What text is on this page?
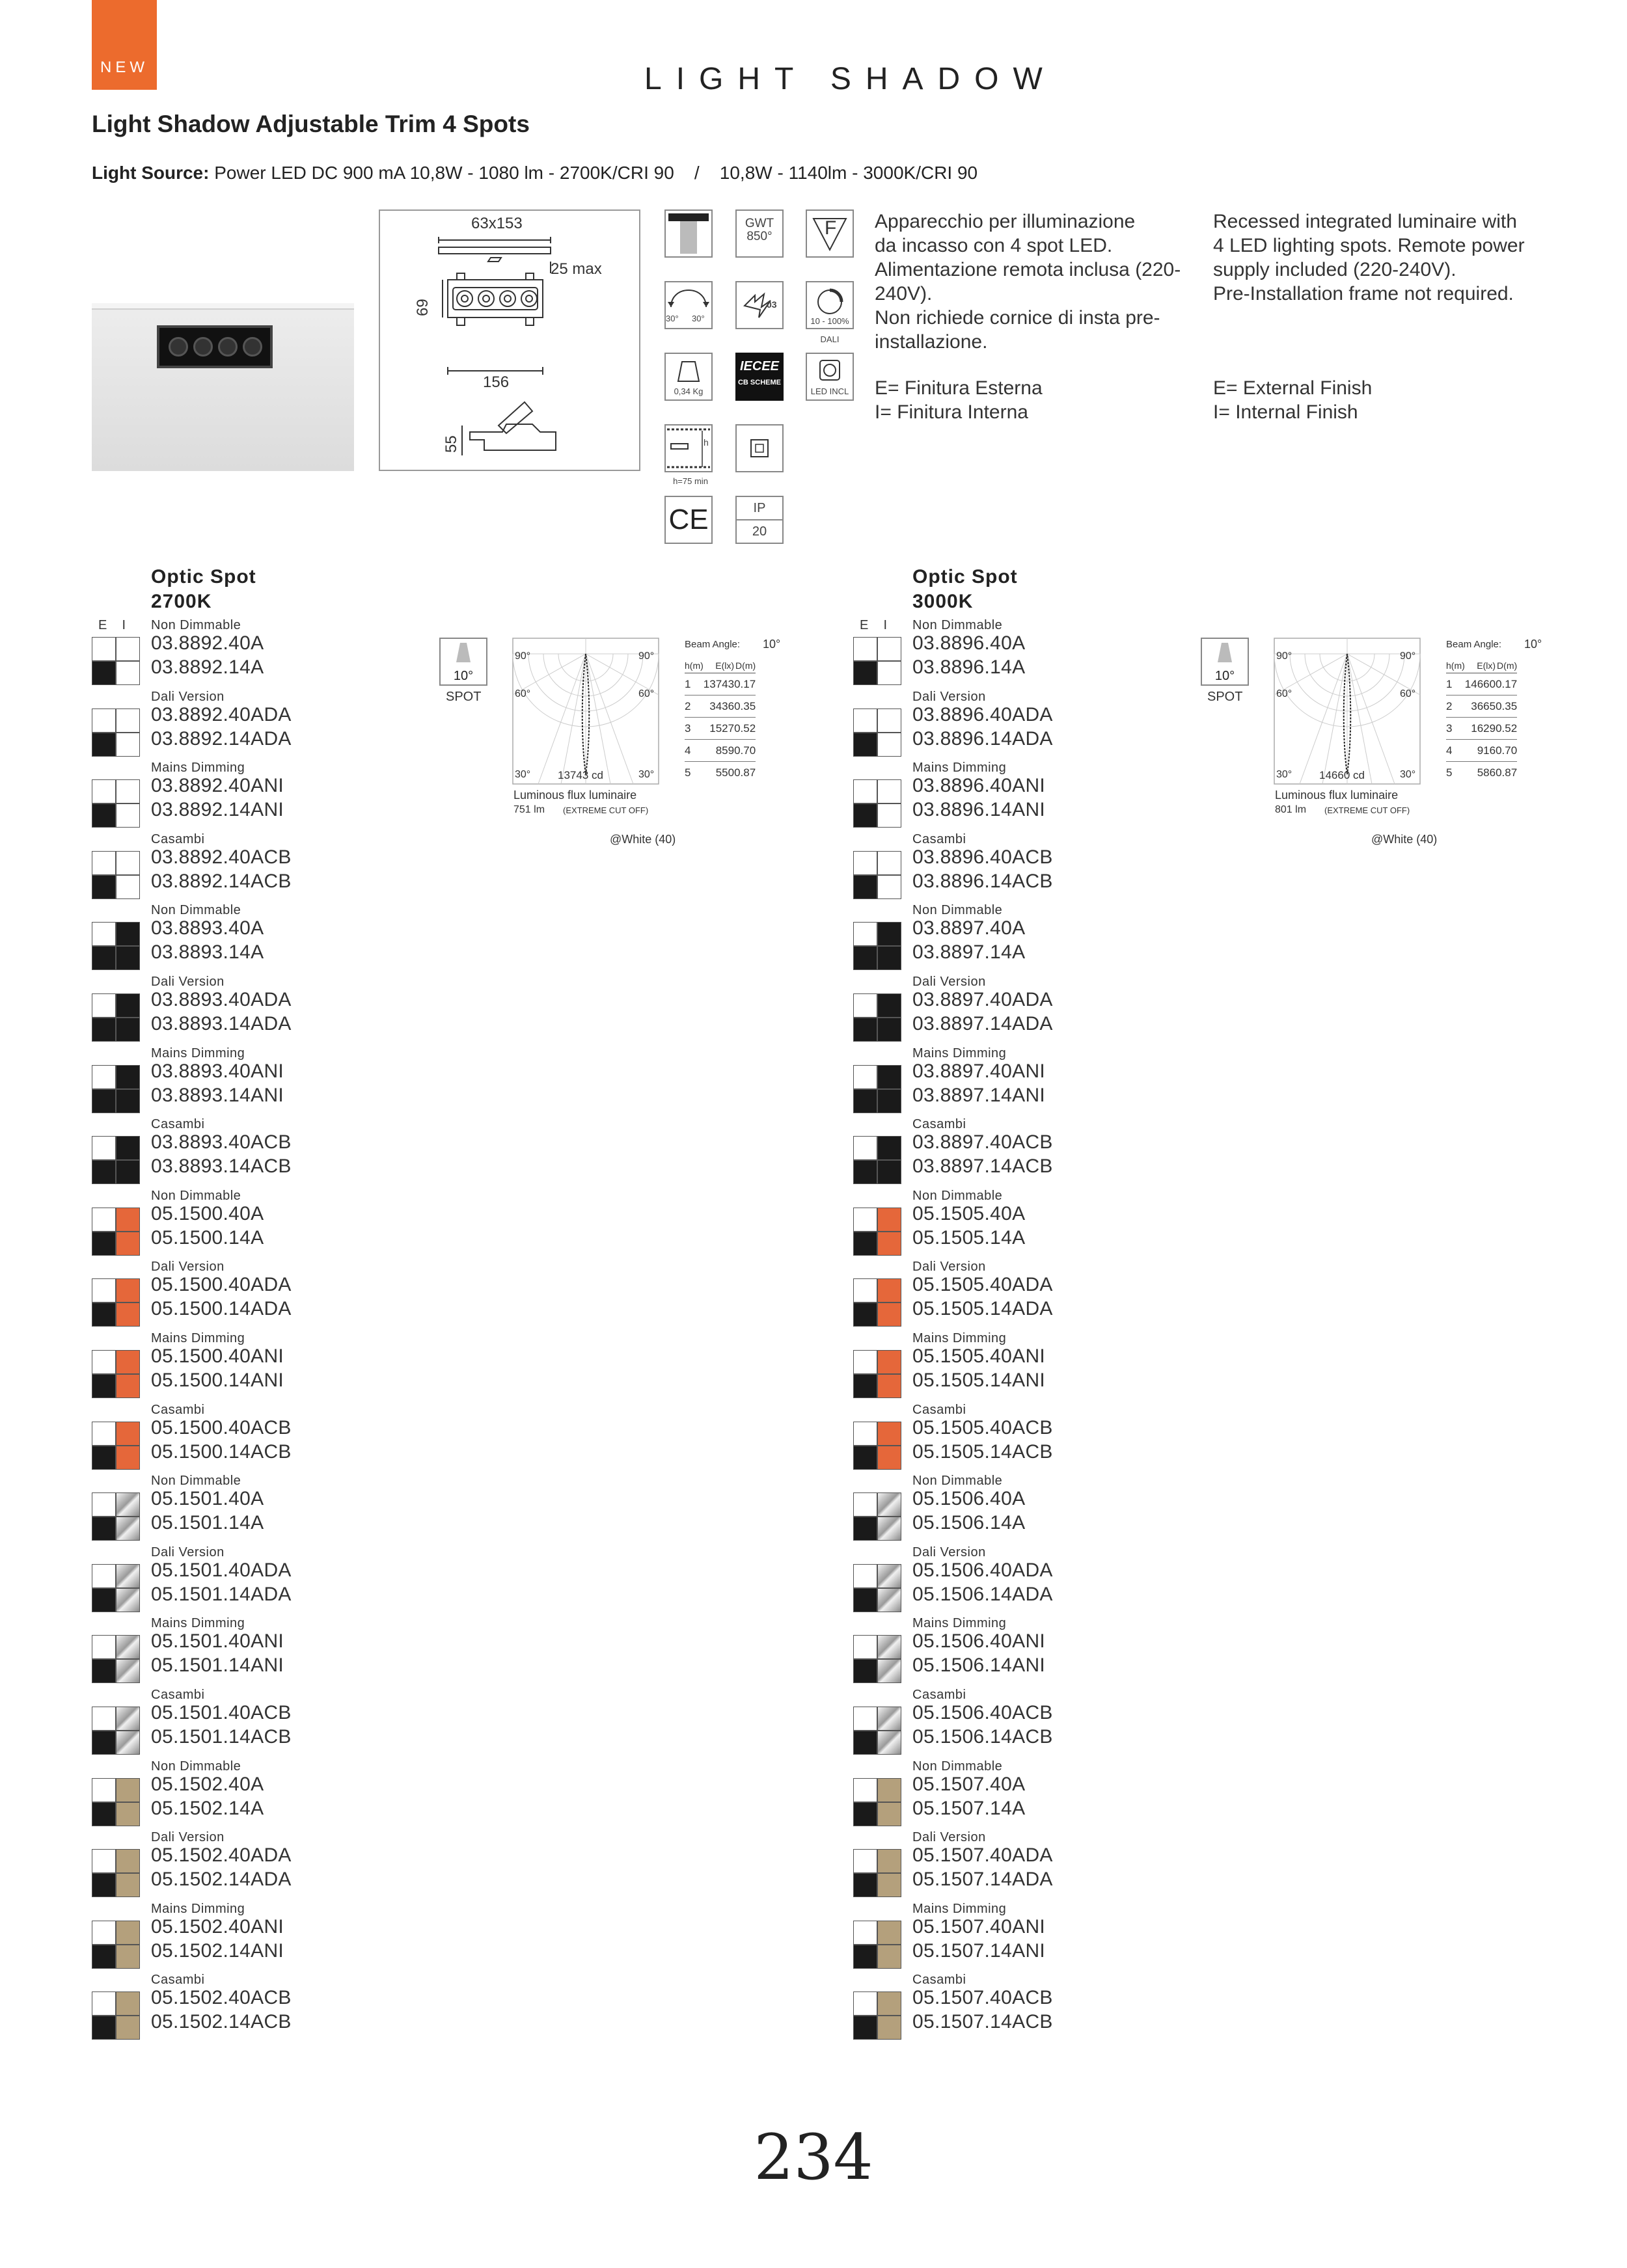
NEW	LIGHT SHADOW
Light Shadow Adjustable Trim 4 Spots
Light Source: Power LED DC 900 mA 10,8W - 1080 lm - 2700K/CRI 90    /    10,8W - 1140lm - 3000K/CRI 90
63x153
25 max
69
156
55
GWT
850°	F
30° 30°
03
10 - 100%
DALI
0,34 Kg
IECEE
CB SCHEME
LED INCL
h
h=75 min
CE	IP
20
Apparecchio per illuminazione
da incasso con 4 spot LED.
Alimentazione remota inclusa (220-
240V).
Non richiede cornice di insta pre-
installazione.
Recessed integrated luminaire with
4 LED lighting spots. Remote power
supply included (220-240V).
Pre-Installation frame not required.
E= Finitura Esterna
I= Finitura Interna
E= External Finish
I= Internal Finish
Optic Spot
2700K
E  I Non Dimmable
03.8892.40A
03.8892.14A
Dali Version
03.8892.40ADA
03.8892.14ADA
Mains Dimming
03.8892.40ANI
03.8892.14ANI
Casambi
03.8892.40ACB
03.8892.14ACB
Non Dimmable
03.8893.40A
03.8893.14A
Dali Version
03.8893.40ADA
03.8893.14ADA
Mains Dimming
03.8893.40ANI
03.8893.14ANI
Casambi
03.8893.40ACB
03.8893.14ACB
Non Dimmable
05.1500.40A
05.1500.14A
Dali Version
05.1500.40ADA
05.1500.14ADA
Mains Dimming
05.1500.40ANI
05.1500.14ANI
Casambi
05.1500.40ACB
05.1500.14ACB
Non Dimmable
05.1501.40A
05.1501.14A
Dali Version
05.1501.40ADA
05.1501.14ADA
Mains Dimming
05.1501.40ANI
05.1501.14ANI
Casambi
05.1501.40ACB
05.1501.14ACB
Non Dimmable
05.1502.40A
05.1502.14A
Dali Version
05.1502.40ADA
05.1502.14ADA
Mains Dimming
05.1502.40ANI
05.1502.14ANI
Casambi
05.1502.40ACB
05.1502.14ACB
10°
SPOT
90°	90°
60°	60°
30°	30°
13743 cd
Luminous flux luminaire
751 lm (EXTREME CUT OFF)
@White (40)
Beam Angle: 10°
h(m)	E(lx)	D(m)
1	13743	0.17
2	3436	0.35
3	1527	0.52
4	859	0.70
5	550	0.87
Optic Spot
3000K
E  I Non Dimmable
03.8896.40A
03.8896.14A
Dali Version
03.8896.40ADA
03.8896.14ADA
Mains Dimming
03.8896.40ANI
03.8896.14ANI
Casambi
03.8896.40ACB
03.8896.14ACB
Non Dimmable
03.8897.40A
03.8897.14A
Dali Version
03.8897.40ADA
03.8897.14ADA
Mains Dimming
03.8897.40ANI
03.8897.14ANI
Casambi
03.8897.40ACB
03.8897.14ACB
Non Dimmable
05.1505.40A
05.1505.14A
Dali Version
05.1505.40ADA
05.1505.14ADA
Mains Dimming
05.1505.40ANI
05.1505.14ANI
Casambi
05.1505.40ACB
05.1505.14ACB
Non Dimmable
05.1506.40A
05.1506.14A
Dali Version
05.1506.40ADA
05.1506.14ADA
Mains Dimming
05.1506.40ANI
05.1506.14ANI
Casambi
05.1506.40ACB
05.1506.14ACB
Non Dimmable
05.1507.40A
05.1507.14A
Dali Version
05.1507.40ADA
05.1507.14ADA
Mains Dimming
05.1507.40ANI
05.1507.14ANI
Casambi
05.1507.40ACB
05.1507.14ACB
10°
SPOT
90°	90°
60°	60°
30°	30°
14660 cd
Luminous flux luminaire
801 lm (EXTREME CUT OFF)
@White (40)
Beam Angle: 10°
h(m)	E(lx)	D(m)
1	14660	0.17
2	3665	0.35
3	1629	0.52
4	916	0.70
5	586	0.87
234
